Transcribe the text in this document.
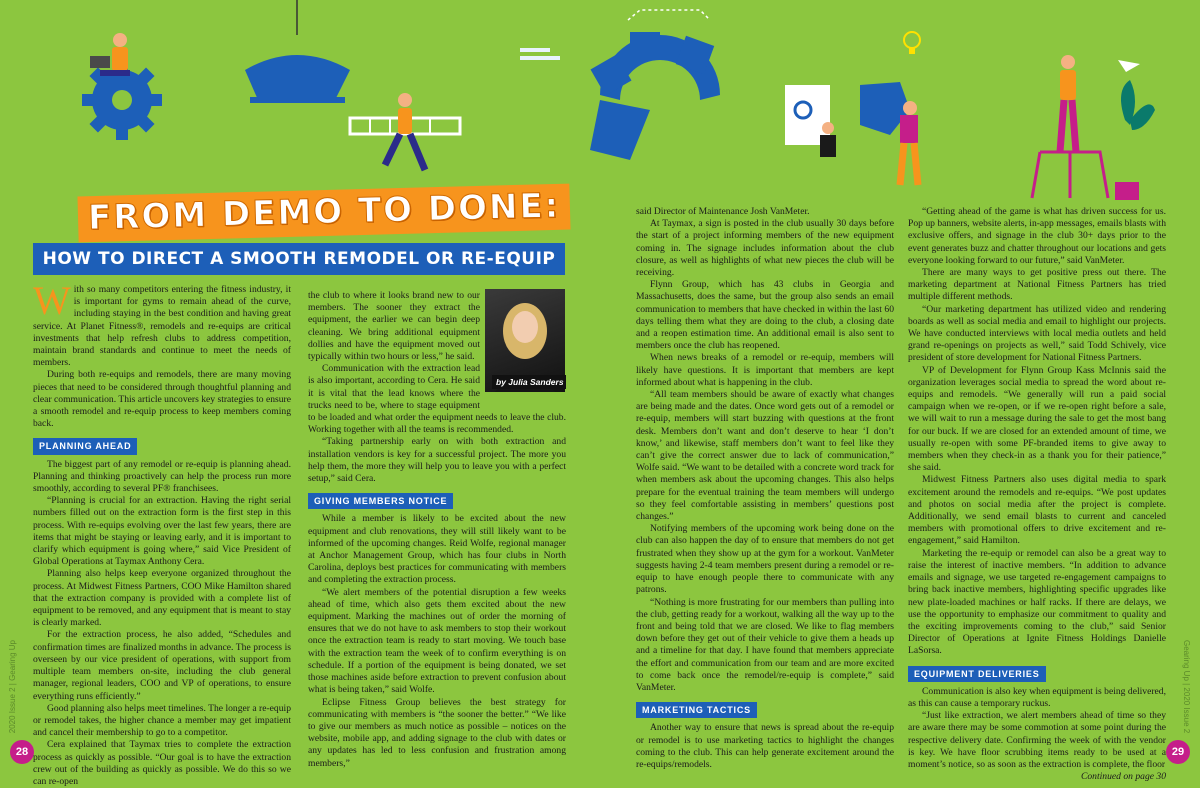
FROM DEMO TO DONE:
HOW TO DIRECT A SMOOTH REMODEL OR RE-EQUIP
by Julia Sanders
2020 Issue 2 | Gearing Up	Gearing Up | 2020 Issue 2
28	29

With so many competitors entering the fitness industry, it is important for gyms to remain ahead of the curve, including staying in the best condition and having great service. At Planet Fitness®, remodels and re-equips are critical investments that help refresh clubs to address competition, maintain brand standards and continue to meet the needs of members.

During both re-equips and remodels, there are many moving pieces that need to be considered through thoughtful planning and clear communication. This article uncovers key strategies to ensure a smooth remodel and re-equip process to keep members coming back.

PLANNING AHEAD

The biggest part of any remodel or re-equip is planning ahead. Planning and thinking proactively can help the process run more smoothly, according to several PF® franchisees.

“Planning is crucial for an extraction. Having the right serial numbers filled out on the extraction form is the first step in this process. With re-equips evolving over the last few years, there are items that might be staying or leaving early, and it is important to clarify which equipment is going where,” said Vice President of Global Operations at Taymax Anthony Cera.

Planning also helps keep everyone organized throughout the process. At Midwest Fitness Partners, COO Mike Hamilton shared that the extraction company is provided with a complete list of equipment to be removed, and any equipment that is meant to stay is clearly marked.

For the extraction process, he also added, “Schedules and confirmation times are finalized months in advance. The process is overseen by our vice president of operations, with support from multiple team members on-site, including the club general manager, regional leaders, COO and VP of operations, to ensure everything runs efficiently.”

Good planning also helps meet timelines. The longer a re-equip or remodel takes, the higher chance a member may get impatient and cancel their membership to go to a competitor.

Cera explained that Taymax tries to complete the extraction process as quickly as possible. “Our goal is to have the extraction crew out of the building as quickly as possible. We do this so we can re-open

the club to where it looks brand new to our members. The sooner they extract the equipment, the earlier we can begin deep cleaning. We bring additional equipment dollies and have the equipment moved out typically within two hours or less,” he said.

Communication with the extraction lead is also important, according to Cera. He said it is vital that the lead knows where the trucks need to be, where to stage equipment to be loaded and what order the equipment needs to leave the club. Working together with all the teams is recommended.

“Taking partnership early on with both extraction and installation vendors is key for a successful project. The more you help them, the more they will help you to leave you with a perfect setup,” said Cera.

GIVING MEMBERS NOTICE

While a member is likely to be excited about the new equipment and club renovations, they will still likely want to be informed of the upcoming changes. Reid Wolfe, regional manager at Anchor Management Group, which has four clubs in North Carolina, deploys best practices for communicating with members and completing the extraction process.

“We alert members of the potential disruption a few weeks ahead of time, which also gets them excited about the new equipment. Marking the machines out of order the morning of ensures that we do not have to ask members to stop their workout once the extraction team is ready to start moving. We touch base with the extraction team the week of to confirm everything is on schedule. If a portion of the equipment is being donated, we set those machines aside before extraction to prevent confusion about what is being taken,” said Wolfe.

Eclipse Fitness Group believes the best strategy for communicating with members is “the sooner the better.” “We like to give our members as much notice as possible – notices on the website, mobile app, and adding signage to the club with dates or any updates has led to less confusion and frustration among members,”

said Director of Maintenance Josh VanMeter.

At Taymax, a sign is posted in the club usually 30 days before the start of a project informing members of the new equipment coming in. The signage includes information about the club closure, as well as highlights of what new pieces the club will be receiving.

Flynn Group, which has 43 clubs in Georgia and Massachusetts, does the same, but the group also sends an email communication to members that have checked in within the last 60 days telling them what they are doing to the club, a closing date and a reopen estimation time. An additional email is also sent to members once the club has reopened.

When news breaks of a remodel or re-equip, members will likely have questions. It is important that members are kept informed about what is happening in the club.

“All team members should be aware of exactly what changes are being made and the dates. Once word gets out of a remodel or re-equip, members will start buzzing with questions at the front desk. Members don’t want and don’t deserve to hear ‘I don’t know,’ and likewise, staff members don’t want to feel like they can’t give the correct answer due to lack of communication,” Wolfe said. “We want to be detailed with a concrete word track for when members ask about the upcoming changes. This also helps prepare for the eventual training the team members will undergo so they feel comfortable assisting in members’ questions post changes.”

Notifying members of the upcoming work being done on the club can also happen the day of to ensure that members do not get frustrated when they show up at the gym for a workout. VanMeter suggests having 2-4 team members present during a remodel or re-equip to have enough people there to communicate with any patrons.

“Nothing is more frustrating for our members than pulling into the club, getting ready for a workout, walking all the way up to the front and being told that we are closed. We like to flag members down before they get out of their vehicle to give them a heads up and a timeline for that day. I have found that members appreciate the effort and communication from our team and are more excited to come back once the remodel/re-equip is complete,” said VanMeter.

MARKETING TACTICS

Another way to ensure that news is spread about the re-equip or remodel is to use marketing tactics to highlight the changes coming to the club. This can help generate excitement around the re-equips/remodels.

“Getting ahead of the game is what has driven success for us. Pop up banners, website alerts, in-app messages, emails blasts with exclusive offers, and signage in the club 30+ days prior to the event generates buzz and chatter throughout our locations and gets everyone looking forward to our future,” said VanMeter.

There are many ways to get positive press out there. The marketing department at National Fitness Partners has tried multiple different methods.

“Our marketing department has utilized video and rendering boards as well as social media and email to highlight our projects. We have conducted interviews with local media outlets and held grand re-openings on projects as well,” said Todd Schively, vice president of store development for National Fitness Partners.

VP of Development for Flynn Group Kass McInnis said the organization leverages social media to spread the word about re-equips and remodels. “We generally will run a paid social campaign when we re-open, or if we re-open right before a sale, we will wait to run a message during the sale to get the most bang for our buck. If we are closed for an extended amount of time, we usually re-open with some PF-branded items to give away to members when they check-in as a thank you for their patience,” she said.

Midwest Fitness Partners also uses digital media to spark excitement around the remodels and re-equips. “We post updates and photos on social media after the project is complete. Additionally, we send email blasts to current and canceled members with promotional offers to drive excitement and re-engagement,” said Hamilton.

Marketing the re-equip or remodel can also be a great way to raise the interest of inactive members. “In addition to advance emails and signage, we use targeted re-engagement campaigns to bring back inactive members, highlighting specific upgrades like new plate-loaded machines or half racks. If there are delays, we use the opportunity to emphasize our commitment to quality and the exciting improvements coming to the club,” said Senior Director of Operations at Ignite Fitness Holdings Danielle LaSorsa.

EQUIPMENT DELIVERIES

Communication is also key when equipment is being delivered, as this can cause a temporary ruckus.

“Just like extraction, we alert members ahead of time so they are aware there may be some commotion at some point during the respective delivery date. Confirming the week of with the vendor is key. We have floor scrubbing items ready to be used at a moment’s notice, so as soon as the extraction is complete, the floor

Continued on page 30
